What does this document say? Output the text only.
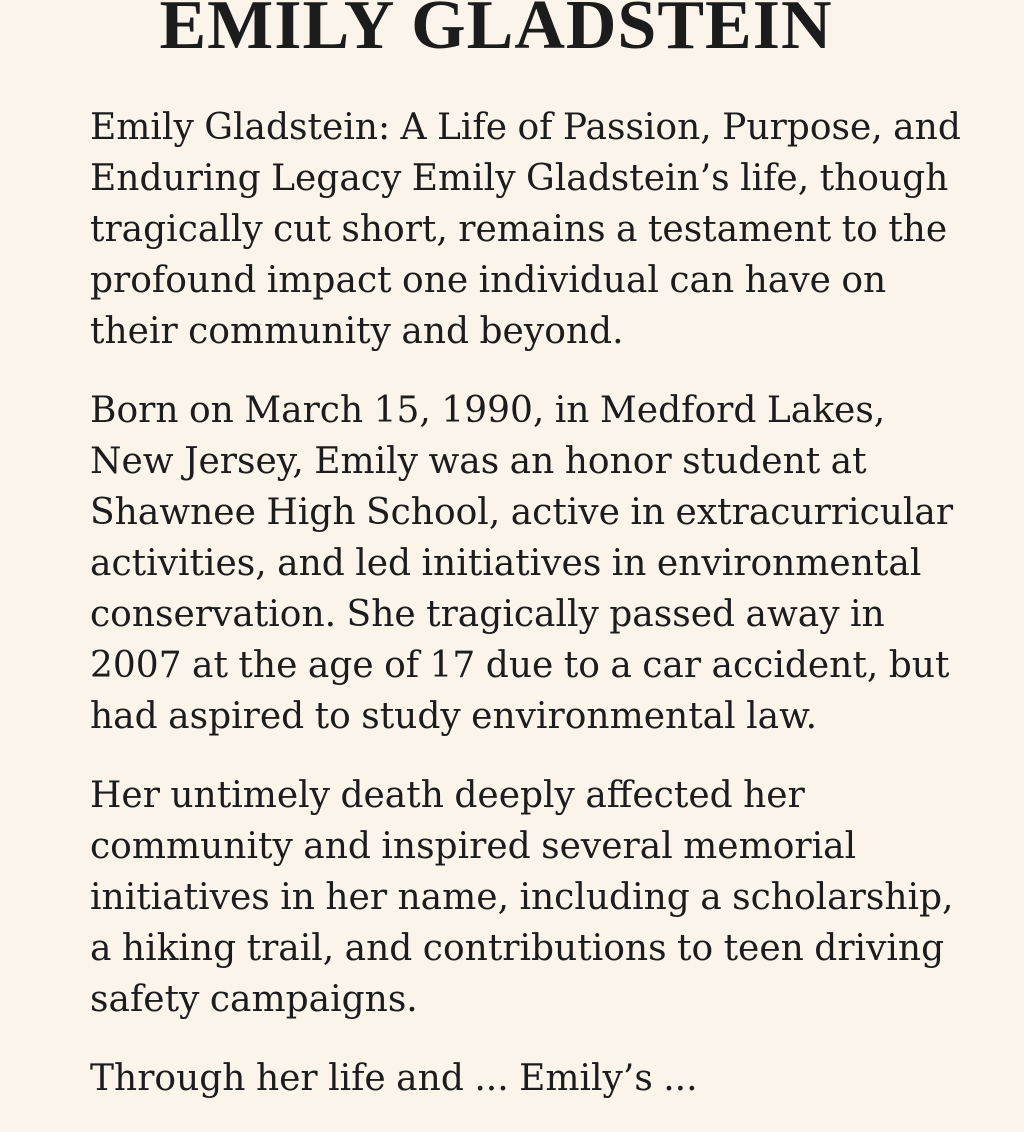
EMILY GLADSTEIN

Emily Gladstein: A Life of Passion, Purpose, and Enduring Legacy Emily Gladstein’s life, though tragically cut short, remains a testament to the profound impact one individual can have on their community and beyond.

Born on March 15, 1990, in Medford Lakes, New Jersey, Emily was an honor student at Shawnee High School, active in extracurricular activities, and led initiatives in environmental conservation. She tragically passed away in 2007 at the age of 17 due to a car accident, but had aspired to study environmental law.

Her untimely death deeply affected her community and inspired several memorial initiatives in her name, including a scholarship, a hiking trail, and contributions to teen driving safety campaigns.

Through her life and ... Emily’s ...
